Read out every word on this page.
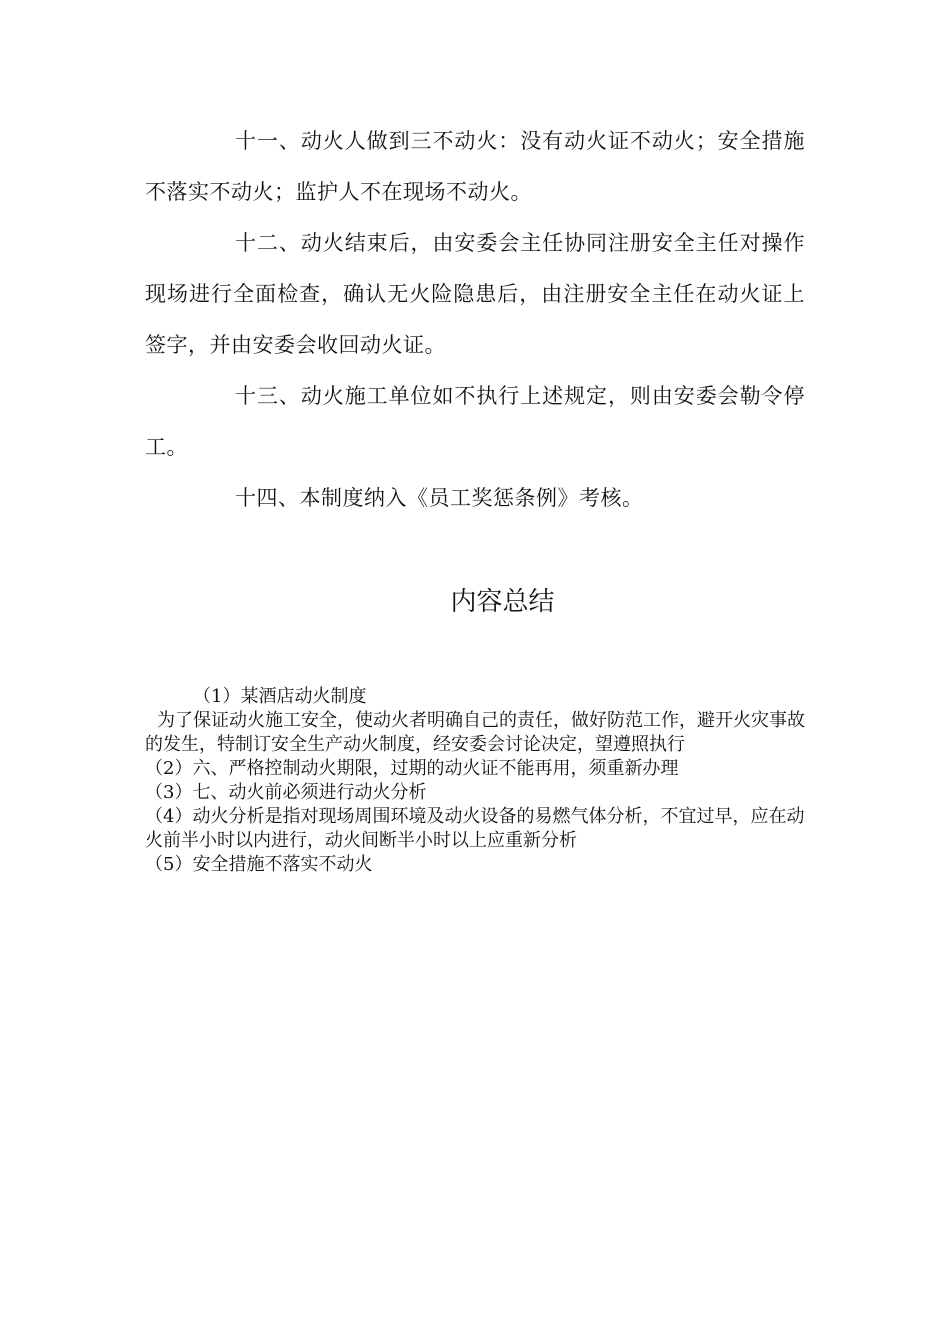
十一、动火人做到三不动火：没有动火证不动火；安全措施不落实不动火；监护人不在现场不动火。

十二、动火结束后，由安委会主任协同注册安全主任对操作现场进行全面检查，确认无火险隐患后，由注册安全主任在动火证上签字，并由安委会收回动火证。

十三、动火施工单位如不执行上述规定，则由安委会勒令停工。

十四、本制度纳入《员工奖惩条例》考核。

内容总结

（1）某酒店动火制度

为了保证动火施工安全，使动火者明确自己的责任，做好防范工作，避开火灾事故的发生，特制订安全生产动火制度，经安委会讨论决定，望遵照执行

（2）六、严格控制动火期限，过期的动火证不能再用，须重新办理

（3）七、动火前必须进行动火分析

（4）动火分析是指对现场周围环境及动火设备的易燃气体分析，不宜过早，应在动火前半小时以内进行，动火间断半小时以上应重新分析

（5）安全措施不落实不动火
